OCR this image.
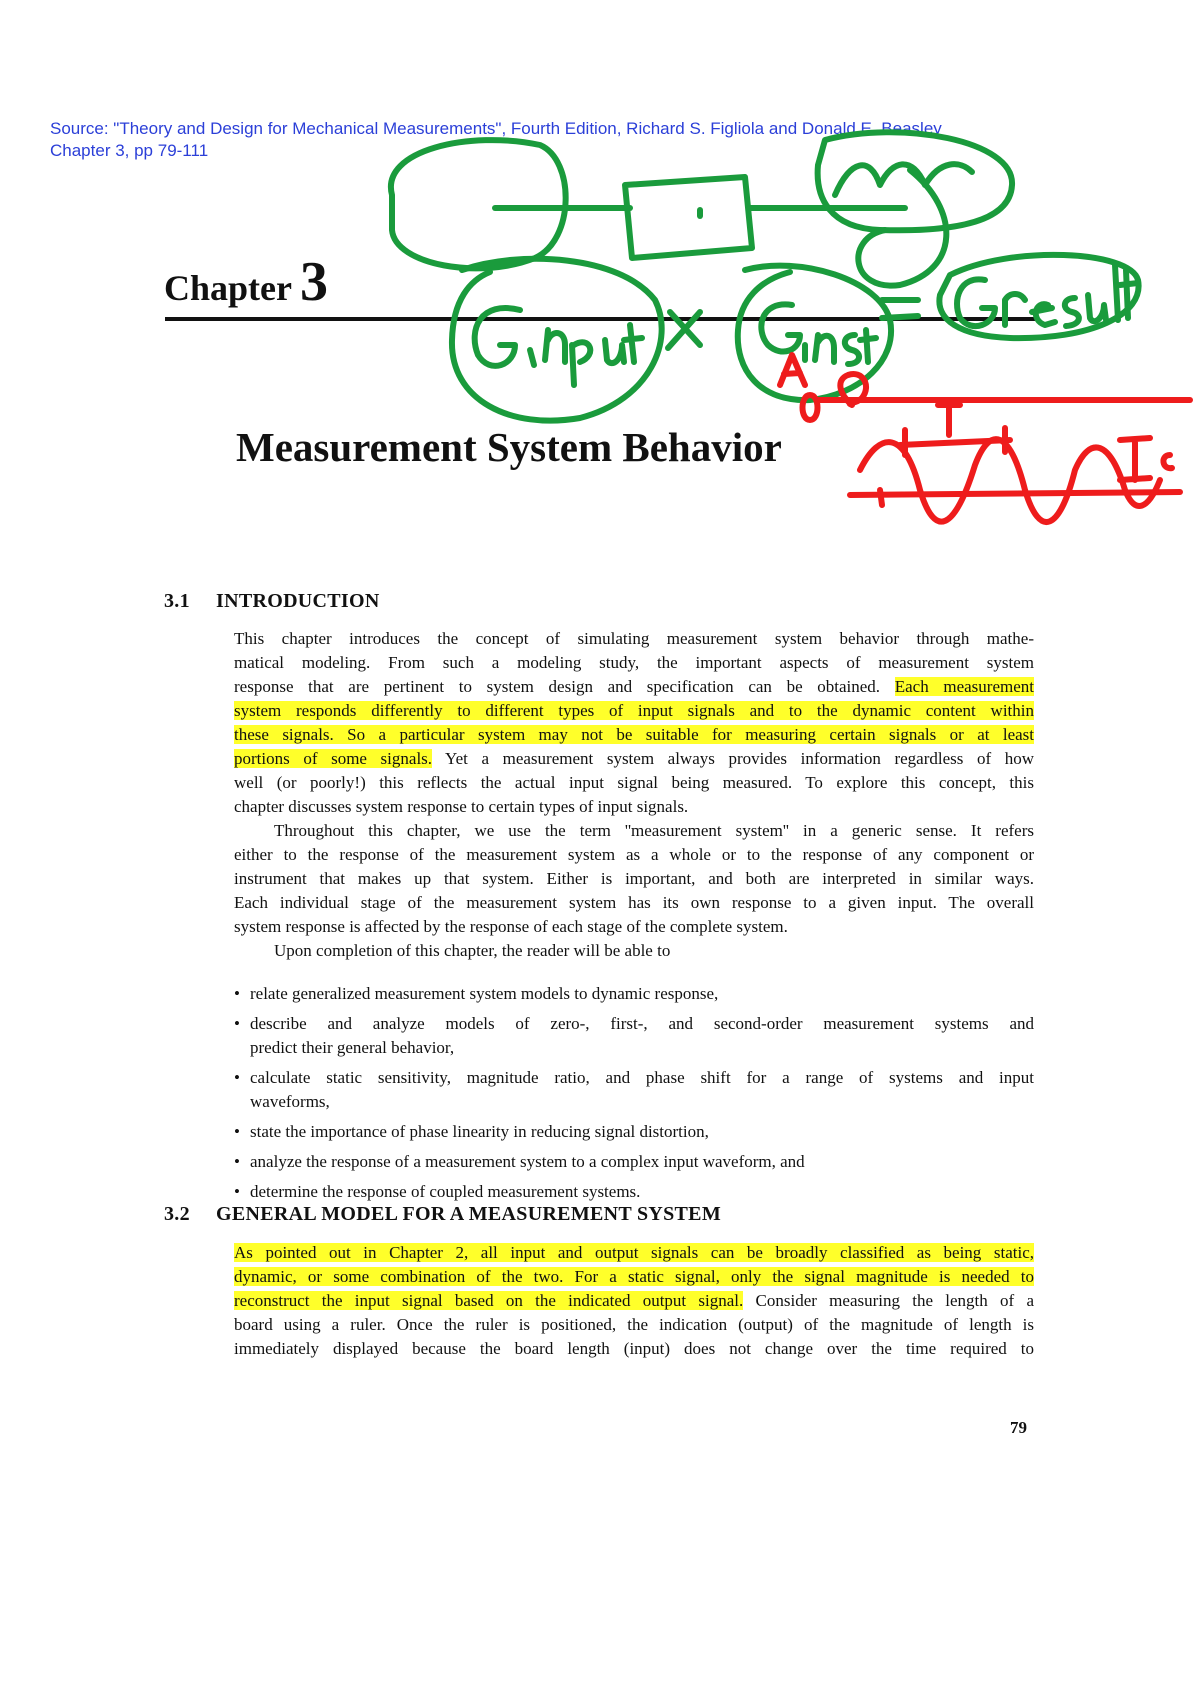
Source: "Theory and Design for Mechanical Measurements", Fourth Edition, Richard S. Figliola and Donald E. Beasley
Chapter 3, pp 79-111
Chapter 3
Measurement System Behavior
3.1 INTRODUCTION
This chapter introduces the concept of simulating measurement system behavior through mathe-
matical modeling. From such a modeling study, the important aspects of measurement system
response that are pertinent to system design and specification can be obtained. Each measurement
system responds differently to different types of input signals and to the dynamic content within
these signals. So a particular system may not be suitable for measuring certain signals or at least
portions of some signals. Yet a measurement system always provides information regardless of how
well (or poorly!) this reflects the actual input signal being measured. To explore this concept, this
chapter discusses system response to certain types of input signals.
Throughout this chapter, we use the term ''measurement system'' in a generic sense. It refers
either to the response of the measurement system as a whole or to the response of any component or
instrument that makes up that system. Either is important, and both are interpreted in similar ways.
Each individual stage of the measurement system has its own response to a given input. The overall
system response is affected by the response of each stage of the complete system.
Upon completion of this chapter, the reader will be able to
• relate generalized measurement system models to dynamic response,
• describe and analyze models of zero-, first-, and second-order measurement systems and
predict their general behavior,
• calculate static sensitivity, magnitude ratio, and phase shift for a range of systems and input
waveforms,
• state the importance of phase linearity in reducing signal distortion,
• analyze the response of a measurement system to a complex input waveform, and
• determine the response of coupled measurement systems.
3.2 GENERAL MODEL FOR A MEASUREMENT SYSTEM
As pointed out in Chapter 2, all input and output signals can be broadly classified as being static,
dynamic, or some combination of the two. For a static signal, only the signal magnitude is needed to
reconstruct the input signal based on the indicated output signal. Consider measuring the length of a
board using a ruler. Once the ruler is positioned, the indication (output) of the magnitude of length is
immediately displayed because the board length (input) does not change over the time required to
79
